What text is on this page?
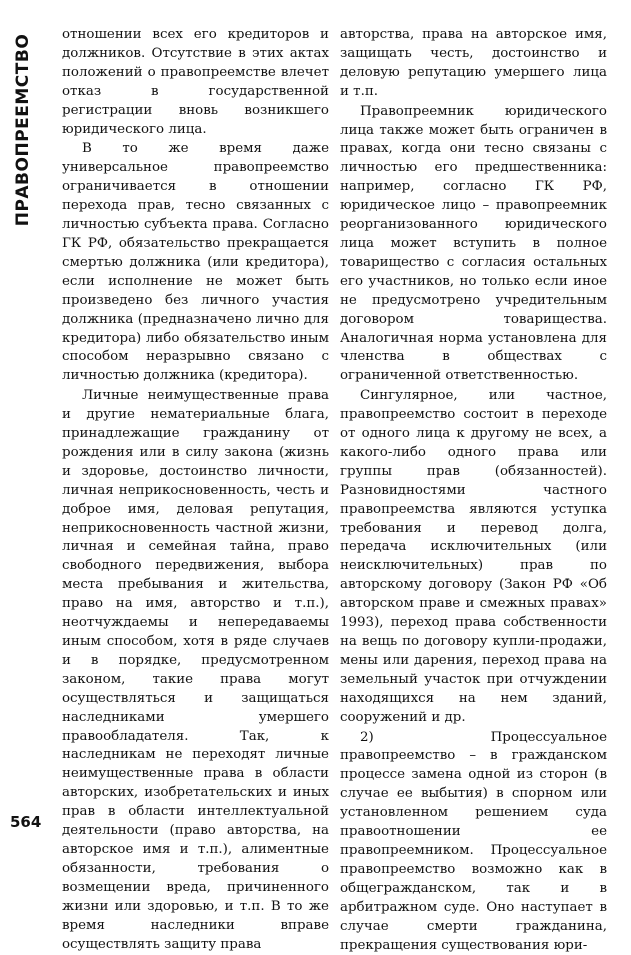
ПРАВОПРЕЕМСТВО отношении всех его кредиторов и должников. Отсутствие в этих актах положений о правопреемстве влечет отказ в государственной регистрации вновь возникшего юридического лица.

В то же время даже универсальное правопреемство ограничивается в отношении перехода прав, тесно связанных с личностью субъекта права. Согласно ГК РФ, обязательство прекращается смертью должника (или кредитора), если исполнение не может быть произведено без личного участия должника (предназначено лично для кредитора) либо обязательство иным способом неразрывно связано с личностью должника (кредитора).

Личные неимущественные права и другие нематериальные блага, принадлежащие гражданину от рождения или в силу закона (жизнь и здоровье, достоинство личности, личная неприкосновенность, честь и доброе имя, деловая репутация, неприкосновенность частной жизни, личная и семейная тайна, право свободного передвижения, выбора места пребывания и жительства, право на имя, авторство и т.п.), неотчуждаемы и непередаваемы иным способом, хотя в ряде случаев и в порядке, предусмотренном законом, такие права могут осуществляться и защищаться наследниками умершего правообладателя. Так, к наследникам не переходят личные неимущественные права в области авторских, изобретательских и иных прав в области интеллектуальной деятельности (право авторства, на авторское имя и т.п.), алиментные обязанности, требования о возмещении вреда, причиненного жизни или здоровью, и т.п. В то же время наследники вправе осуществлять защиту права

авторства, права на авторское имя, защищать честь, достоинство и деловую репутацию умершего лица и т.п.

Правопреемник юридического лица также может быть ограничен в правах, когда они тесно связаны с личностью его предшественника: например, согласно ГК РФ, юридическое лицо – правопреемник реорганизованного юридического лица может вступить в полное товарищество с согласия остальных его участников, но только если иное не предусмотрено учредительным договором товарищества. Аналогичная норма установлена для членства в обществах с ограниченной ответственностью.

Сингулярное, или частное, правопреемство состоит в переходе от одного лица к другому не всех, а какого-либо одного права или группы прав (обязанностей). Разновидностями частного правопреемства являются уступка требования и перевод долга, передача исключительных (или неисключительных) прав по авторскому договору (Закон РФ «Об авторском праве и смежных правах» 1993), переход права собственности на вещь по договору купли-продажи, мены или дарения, переход права на земельный участок при отчуждении находящихся на нем зданий, сооружений и др.

2) Процессуальное правопреемство – в гражданском процессе замена одной из сторон (в случае ее выбытия) в спорном или установленном решением суда правоотношении ее правопреемником. Процессуальное правопреемство возможно как в общегражданском, так и в арбитражном суде. Оно наступает в случае смерти гражданина, прекращения существования юри-

564
